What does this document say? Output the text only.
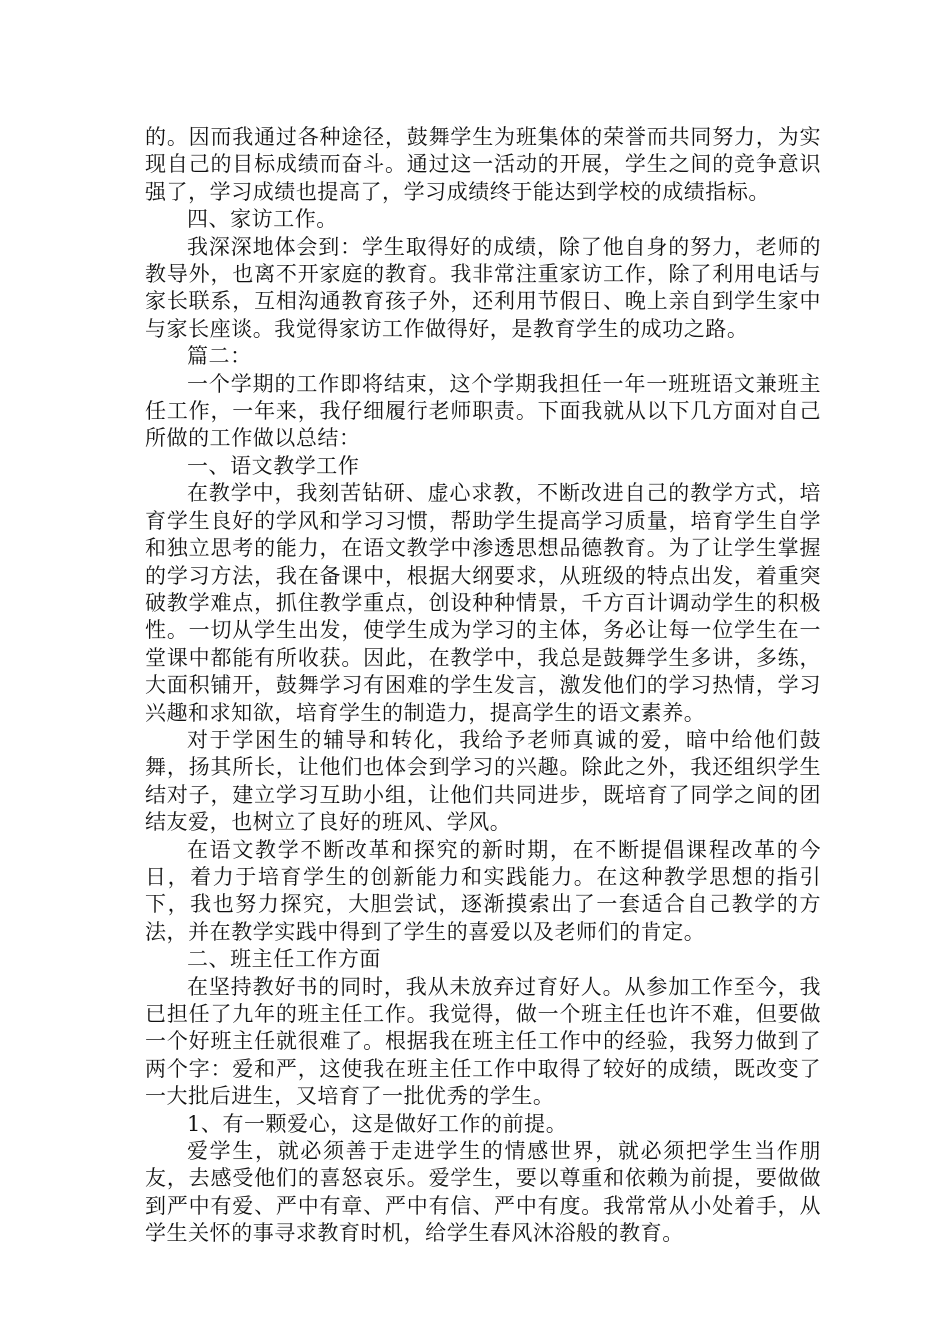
的。因而我通过各种途径，鼓舞学生为班集体的荣誉而共同努力，为实现自己的目标成绩而奋斗。通过这一活动的开展，学生之间的竞争意识强了，学习成绩也提高了，学习成绩终于能达到学校的成绩指标。

四、家访工作。

我深深地体会到：学生取得好的成绩，除了他自身的努力，老师的教导外，也离不开家庭的教育。我非常注重家访工作，除了利用电话与家长联系，互相沟通教育孩子外，还利用节假日、晚上亲自到学生家中与家长座谈。我觉得家访工作做得好，是教育学生的成功之路。

篇二：

一个学期的工作即将结束，这个学期我担任一年一班班语文兼班主任工作，一年来，我仔细履行老师职责。下面我就从以下几方面对自己所做的工作做以总结：

一、语文教学工作

在教学中，我刻苦钻研、虚心求教，不断改进自己的教学方式，培育学生良好的学风和学习习惯，帮助学生提高学习质量，培育学生自学和独立思考的能力，在语文教学中渗透思想品德教育。为了让学生掌握的学习方法，我在备课中，根据大纲要求，从班级的特点出发，着重突破教学难点，抓住教学重点，创设种种情景，千方百计调动学生的积极性。一切从学生出发，使学生成为学习的主体，务必让每一位学生在一堂课中都能有所收获。因此，在教学中，我总是鼓舞学生多讲，多练，大面积铺开，鼓舞学习有困难的学生发言，激发他们的学习热情，学习兴趣和求知欲，培育学生的制造力，提高学生的语文素养。

对于学困生的辅导和转化，我给予老师真诚的爱，暗中给他们鼓舞，扬其所长，让他们也体会到学习的兴趣。除此之外，我还组织学生结对子，建立学习互助小组，让他们共同进步，既培育了同学之间的团结友爱，也树立了良好的班风、学风。

在语文教学不断改革和探究的新时期，在不断提倡课程改革的今日，着力于培育学生的创新能力和实践能力。在这种教学思想的指引下，我也努力探究，大胆尝试，逐渐摸索出了一套适合自己教学的方法，并在教学实践中得到了学生的喜爱以及老师们的肯定。

二、班主任工作方面

在坚持教好书的同时，我从未放弃过育好人。从参加工作至今，我已担任了九年的班主任工作。我觉得，做一个班主任也许不难，但要做一个好班主任就很难了。根据我在班主任工作中的经验，我努力做到了两个字：爱和严，这使我在班主任工作中取得了较好的成绩，既改变了一大批后进生，又培育了一批优秀的学生。

1、有一颗爱心，这是做好工作的前提。

爱学生，就必须善于走进学生的情感世界，就必须把学生当作朋友，去感受他们的喜怒哀乐。爱学生，要以尊重和依赖为前提，要做做到严中有爱、严中有章、严中有信、严中有度。我常常从小处着手，从学生关怀的事寻求教育时机，给学生春风沐浴般的教育。
